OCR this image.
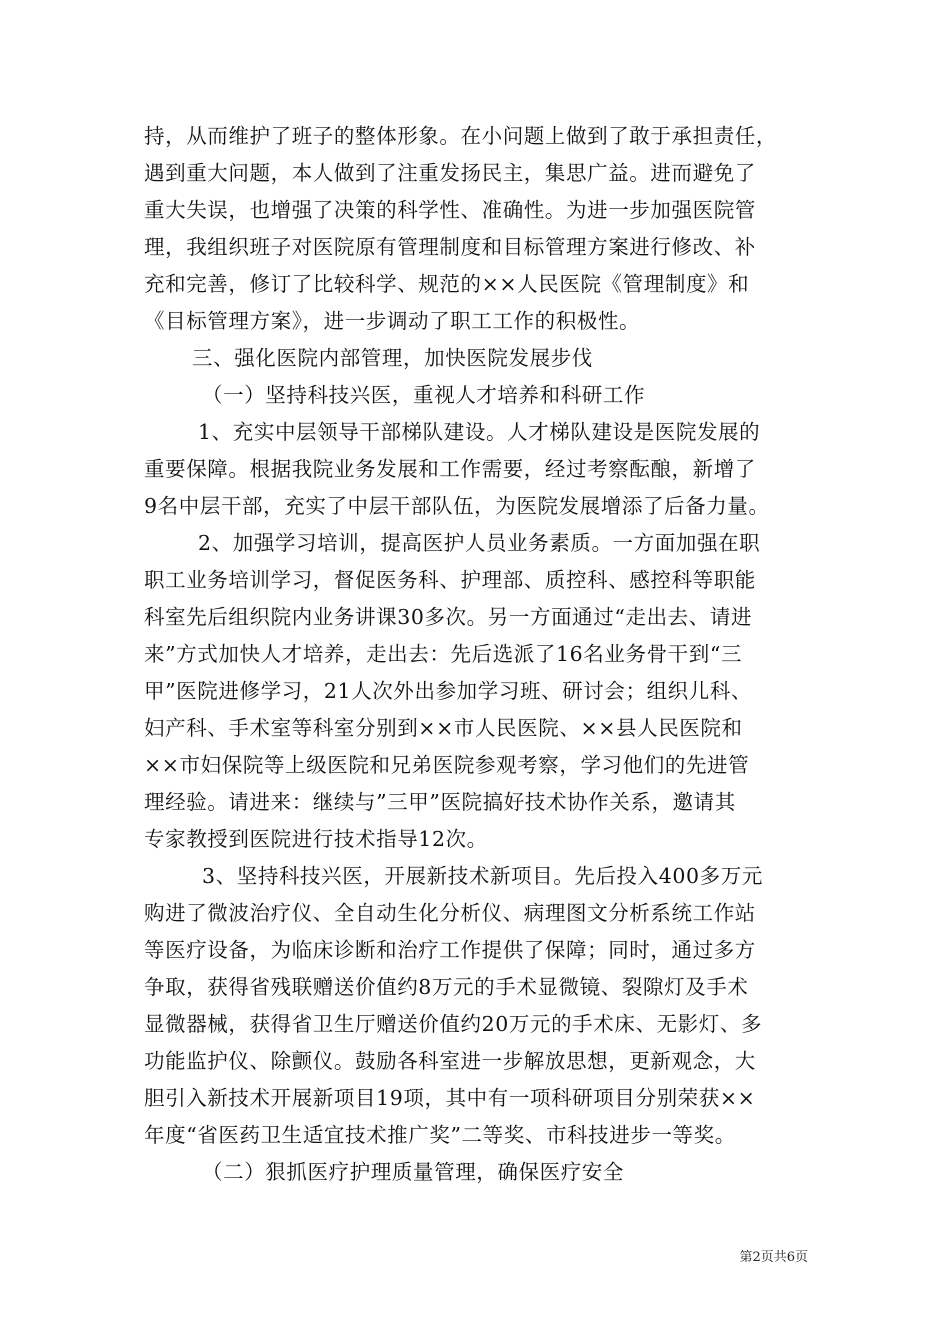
持，从而维护了班子的整体形象。在小问题上做到了敢于承担责任，
遇到重大问题，本人做到了注重发扬民主，集思广益。进而避免了
重大失误，也增强了决策的科学性、准确性。为进一步加强医院管
理，我组织班子对医院原有管理制度和目标管理方案进行修改、补
充和完善，修订了比较科学、规范的××人民医院《管理制度》和
《目标管理方案》，进一步调动了职工工作的积极性。
三、强化医院内部管理，加快医院发展步伐
（一）坚持科技兴医，重视人才培养和科研工作
1、充实中层领导干部梯队建设。人才梯队建设是医院发展的
重要保障。根据我院业务发展和工作需要，经过考察酝酿，新增了
9名中层干部，充实了中层干部队伍，为医院发展增添了后备力量。
2、加强学习培训，提高医护人员业务素质。一方面加强在职
职工业务培训学习，督促医务科、护理部、质控科、感控科等职能
科室先后组织院内业务讲课30多次。另一方面通过“走出去、请进
来”方式加快人才培养，走出去：先后选派了16名业务骨干到“三
甲”医院进修学习，21人次外出参加学习班、研讨会；组织儿科、
妇产科、手术室等科室分别到××市人民医院、××县人民医院和
××市妇保院等上级医院和兄弟医院参观考察，学习他们的先进管
理经验。请进来：继续与”三甲”医院搞好技术协作关系，邀请其
专家教授到医院进行技术指导12次。
3、坚持科技兴医，开展新技术新项目。先后投入400多万元
购进了微波治疗仪、全自动生化分析仪、病理图文分析系统工作站
等医疗设备，为临床诊断和治疗工作提供了保障；同时，通过多方
争取，获得省残联赠送价值约8万元的手术显微镜、裂隙灯及手术
显微器械，获得省卫生厅赠送价值约20万元的手术床、无影灯、多
功能监护仪、除颤仪。鼓励各科室进一步解放思想，更新观念，大
胆引入新技术开展新项目19项，其中有一项科研项目分别荣获××
年度“省医药卫生适宜技术推广奖”二等奖、市科技进步一等奖。
（二）狠抓医疗护理质量管理，确保医疗安全
第2页共6页
